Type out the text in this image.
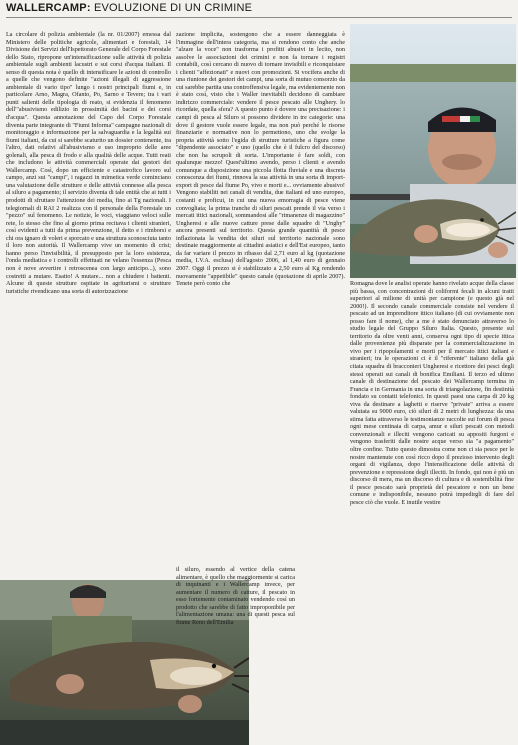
WALLERCAMP: EVOLUZIONE DI UN CRIMINE

La circolare di polizia ambientale (la nr. 01/2007) emessa dal Ministero delle politiche agricole, alimentari e forestali, 14 Divisione dei Servizi dell'Ispettorato Generale del Corpo Forestale dello Stato, ripropone un'intensificazione sulle attività di polizia ambientale sugli ambienti lacustri e sui corsi d'acqua italiani. Il senso di questa nota è quello di intensificare le azioni di controllo a quelle che vengono definite "azioni illegali di aggressione ambientale di vario tipo" lungo i nostri principali fiumi e, in particolare Arno, Magra, Ofanto, Po, Sarno e Tevere; tra i vari punti salienti delle tipologia di reato, si evidenzia il fenomeno dell'"abusivismo edilizio in prossimità dei bacini e dei corsi d'acqua". Questa annotazione del Capo del Corpo Forestale diventa parte integrante di "Fiumi Informa" campagne nazionali di monitoraggio e informazione per la salvaguardia e la legalità sui fiumi italiani, da cui si sarebbe scaturito un dossier contenente, tra l'altro, dati relativi all'abusivismo e uso improprio delle aree golenali, alla pesca di frodo e alla qualità delle acque. Tutti reati che includono le attività commerciali operate dai gestori dei Wallercamp. Così, dopo un efficiente e catastrofico lavoro sul campo, anzi sui "campi", i ragazzi in mimetica verde cominciano una valutazione delle strutture e delle attività connesse alla pesca al siluro a pagamento; il servizio diventa di tale entità che ai tutti i prodotti di sfruttare l'attenzione dei media, fino ai Tg nazionali. I telegiornali di RAI 2 realizza con il personale della Forestale un "pezzo" sul fenomeno. Le notizie, le voci, viaggiano veloci sulle rete, lo stesso che fino al giorno prima recitava i clienti stranieri, così evidenti a tutti da prima prevenzione, il detto e i rimborsi e chi ora ignaro di voleri e sporcato e una struttura sconosciuta tanto il loro non autorità. Il Wallercamp vive un momento di crisi; hanno perso l'invisibilità, il presupposto per la loro esistenza, l'onda mediatica e i controlli effettuati ne velano l'essenza (Pesca non è nove avvertire i retroscenea con largo anticipo...), sono costretti a mutare. Esatto! A mutare... non a chiudere i battenti. Alcune di queste strutture ospitate in agriturismi o strutture turistiche rivendicano una sorta di autorizzazione

zazione implicita, sostengono che a essere danneggiata è l'immagine dell'intera categoria, ma si rendono conto che anche "alzare la voce" non trasforma i profitti abusivi in lecito, non assolve le associazioni dei crimini e non fa tornare i registri contabili, così cercano di nuovo di tornare invisibili e riconquistare i clienti "affezionati" e nuovi con promozioni. Si vocifera anche di una riunione dei gestori dei campi, una sorta di mutuo consorzio da cui sarebbe partita una controffensiva legale, ma evidentemente non è stato così, visto che i Waller inevitabili decidono di cambiare indirizzo commerciale: vendere il pesce pescato alle Unghery. lo ricordate, quella sfera? A questo punto è dovere una precisazione: i campi di pesca al Siluro si possono dividere in tre categorie: una dove il gestore vuole essere legale, ma non può perché le risorse finanziarie e normative non lo permettono, uno che svolge la propria attività sotto l'egida di strutture turistiche a figura come "dipendente associato" e uno (quello che è il fulcro del discorso) che non ha scrupoli di sorta. L'importante è fare soldi, con qualunque mezzo! Quest'ultimo avendo, perso i clienti e avendo comunque a disposizione una piccola flotta fluviale e una discreta conoscenza dei fiumi, rinnova la sua attività in una sorta di import-export di pesce dal fiume Po, vivo e morti e... ovviamente abusivo! Vengono stabiliti nei canali di vendita, due italiani ed uno europeo, costanti e proficui, in cui una nuova emorragia di pesce viene convogliata; la prima tranche di siluri pescati prende il via verso i mercati ittici nazionali, sommandosi alle "rimanenze di magazzino" Ungheresi e alle nuove catture prese dalle squadre di "Unghy" ancora presenti sul territorio. Questa grande quantità di pesce inflazionata la vendita dei siluri sul territorio nazionale sono destinate maggiormente ai cittadini asiatici e dell'Est europeo, tanto da far variare il prezzo in ribasso dal 2,71 euro al kg (quotazione media, I.V.A. esclusa) dell'agosto 2006, al 1,40 euro di gennaio 2007. Oggi il prezzo si è stabilizzato a 2,50 euro al Kg rendendo nuovamente "appetibile" questo canale (quotazione di aprile 2007). Tenete però conto che

il siluro, essendo al vertice della catena alimentare, è quello che maggiormente si carica di inquinanti e i Wallercamp invece, per aumentare il numero di catture, il pescato in esso fortemente contaminato vendendo così un prodotto che sarebbe di fatto improponibile per l'alimentazione umana: una di questi pesca sul fiume Reno dell'Emilia

Romagna dove le analisi operate hanno rivelato acque della classe più bassa, con concentrazioni di coliformi fecali in alcuni tratti superiori al milione di unità per campione (e questo già nel 2000!). Il secondo canale commerciale consiste nel vendere il pescato ad un imprenditore ittico italiano (di cui ovviamente non posso fare il nome), che a me è stato denunciato attraverso lo studio legale del Gruppo Siluro Italia. Questo, presente sul territorio da oltre venti anni, conserva ogni tipo di specie ittica dalle provenienze più disparate per la commercializzazione in vivo per i ripopolamenti e morti per il mercato ittici italiani e stranieri; tra le operazioni ci è il "riferente" italiano della già citata squadra di bracconieri Ungheresi e ricettore dei pesci degli stessi operati sui canali di bonifica Emiliani. Il terzo ed ultimo canale di destinazione del pescato dei Wallercamp termina in Francia e in Germania in una sorta di triangolazione, fin destinità fondato su contatti telefonici. In questi paesi una carpa di 20 kg viva da destinare a laghetti e riserve "private" arriva a essere valutata su 9000 euro, ciò siluri di 2 metri di lunghezza: da una stima fatta attraverso le testimonianze raccolte sui forum di pesca ogni mese centinaia di carpa, amur e siluri pescati con metodi convenzionali e illeciti vengono caricati su appositi furgoni e vengono trasferiti dalle nostre acque verso sia "a pagamento" oltre confine. Tutto questo dimostra come non ci sia pesce per le nostre mantenute con così ricco dopo il prezioso intervento degli organi di vigilanza, dopo l'intensificazione delle attività di prevenzione e repressione degli illeciti. In fondo, qui non è più un discorso di mera, ma un discorso di cultura e di sostenibilità fine il pesce pescato sarà proprietà del pescatore e non un bene comune e indisponibile, nessuno potrà impedirgli di fare del pesce ciò che vuole. E inutile vestire
